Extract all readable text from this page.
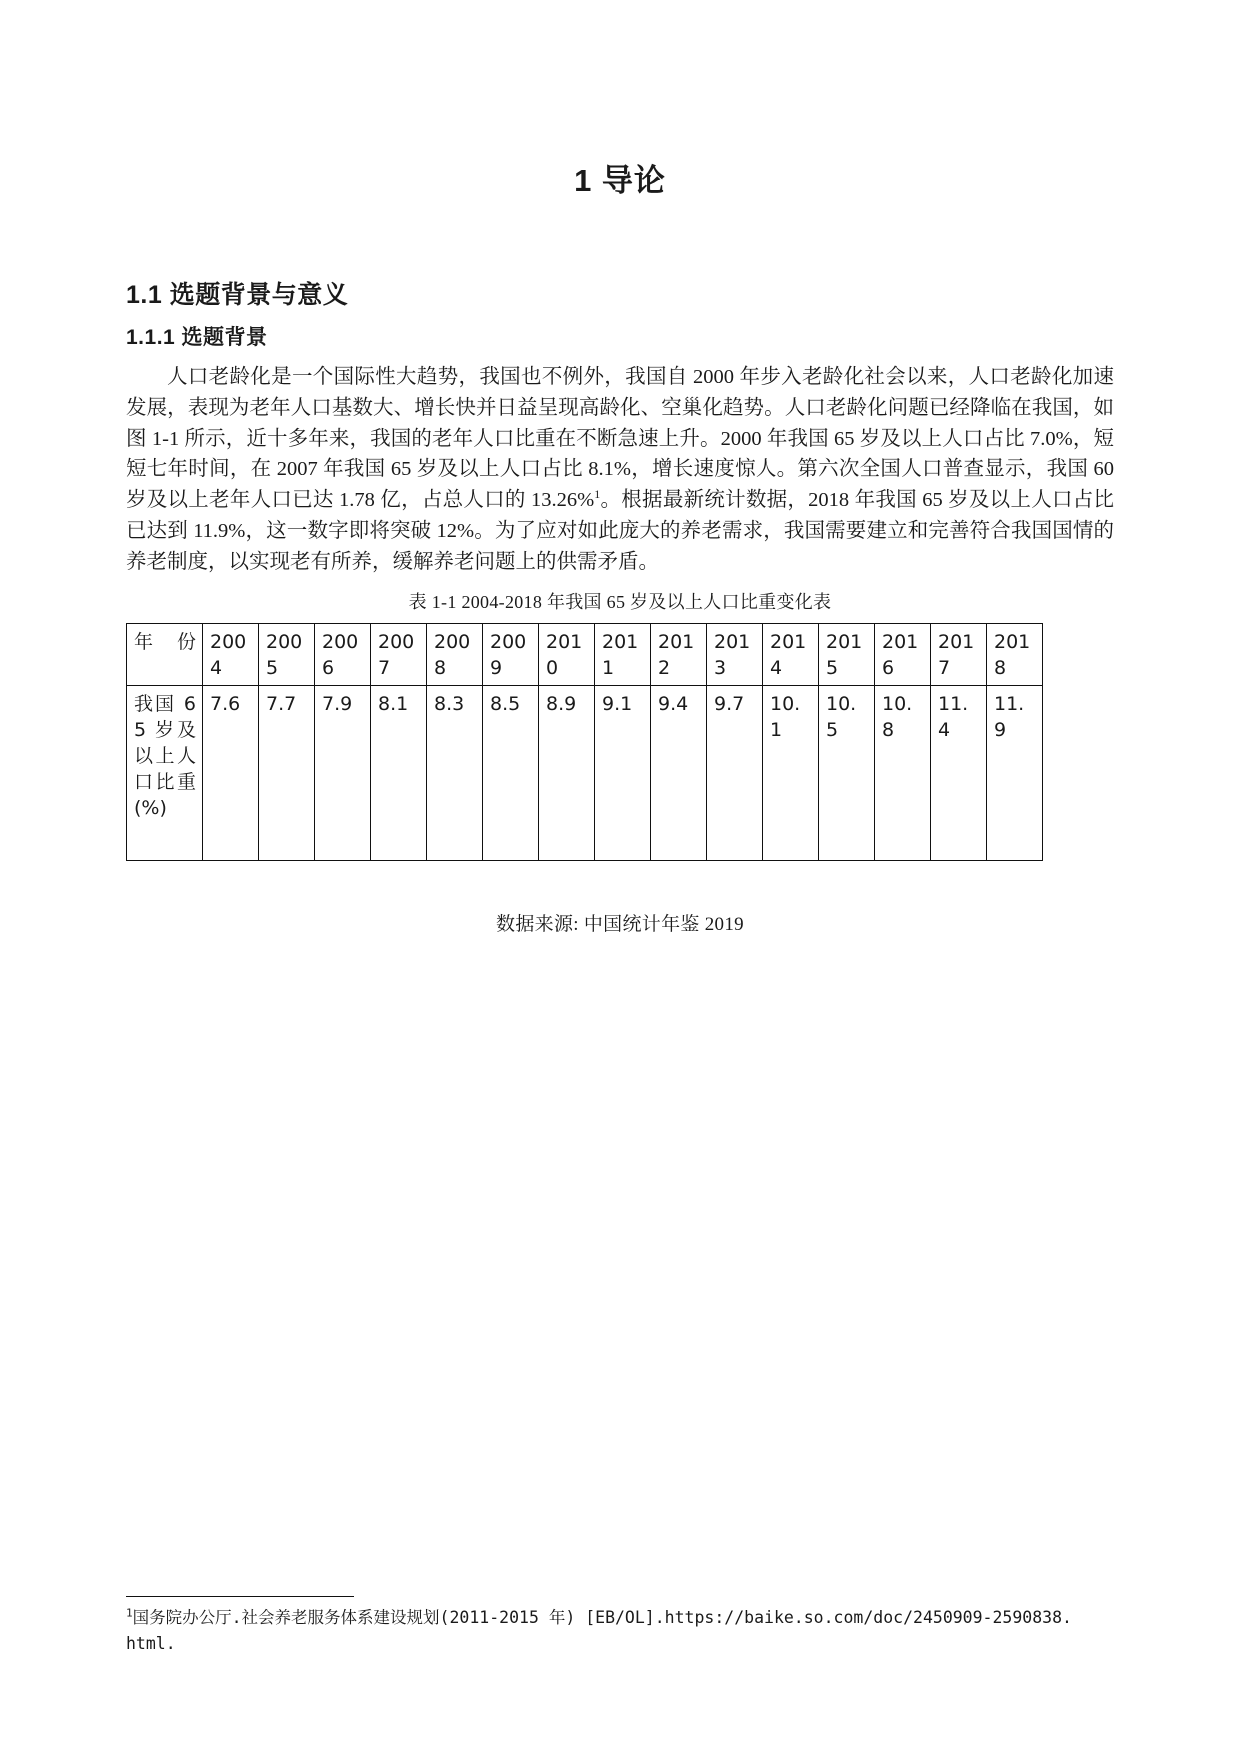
1 导论
1.1 选题背景与意义
1.1.1 选题背景

人口老龄化是一个国际性大趋势，我国也不例外，我国自 2000 年步入老龄化社会以来，人口老龄化加速发展，表现为老年人口基数大、增长快并日益呈现高龄化、空巢化趋势。人口老龄化问题已经降临在我国，如图 1-1 所示，近十多年来，我国的老年人口比重在不断急速上升。2000 年我国 65 岁及以上人口占比 7.0%，短短七年时间，在 2007 年我国 65 岁及以上人口占比 8.1%，增长速度惊人。第六次全国人口普查显示，我国 60 岁及以上老年人口已达 1.78 亿，占总人口的 13.26%$^1$。根据最新统计数据，2018 年我国 65 岁及以上人口占比已达到 11.9%，这一数字即将突破 12%。为了应对如此庞大的养老需求，我国需要建立和完善符合我国国情的养老制度，以实现老有所养，缓解养老问题上的供需矛盾。

表 1-1 2004-2018 年我国 65 岁及以上人口比重变化表

年份	2004	2005	2006	2007	2008	2009	2010	2011	2012	2013	2014	2015	2016	2017	2018
我国 65 岁及以上人口比重(%)	7.6	7.7	7.9	8.1	8.3	8.5	8.9	9.1	9.4	9.7	10.1	10.5	10.8	11.4	11.9

数据来源: 中国统计年鉴 2019

$^1$国务院办公厅.社会养老服务体系建设规划(2011-2015 年) [EB/OL].https://baike.so.com/doc/2450909-2590838.html.
